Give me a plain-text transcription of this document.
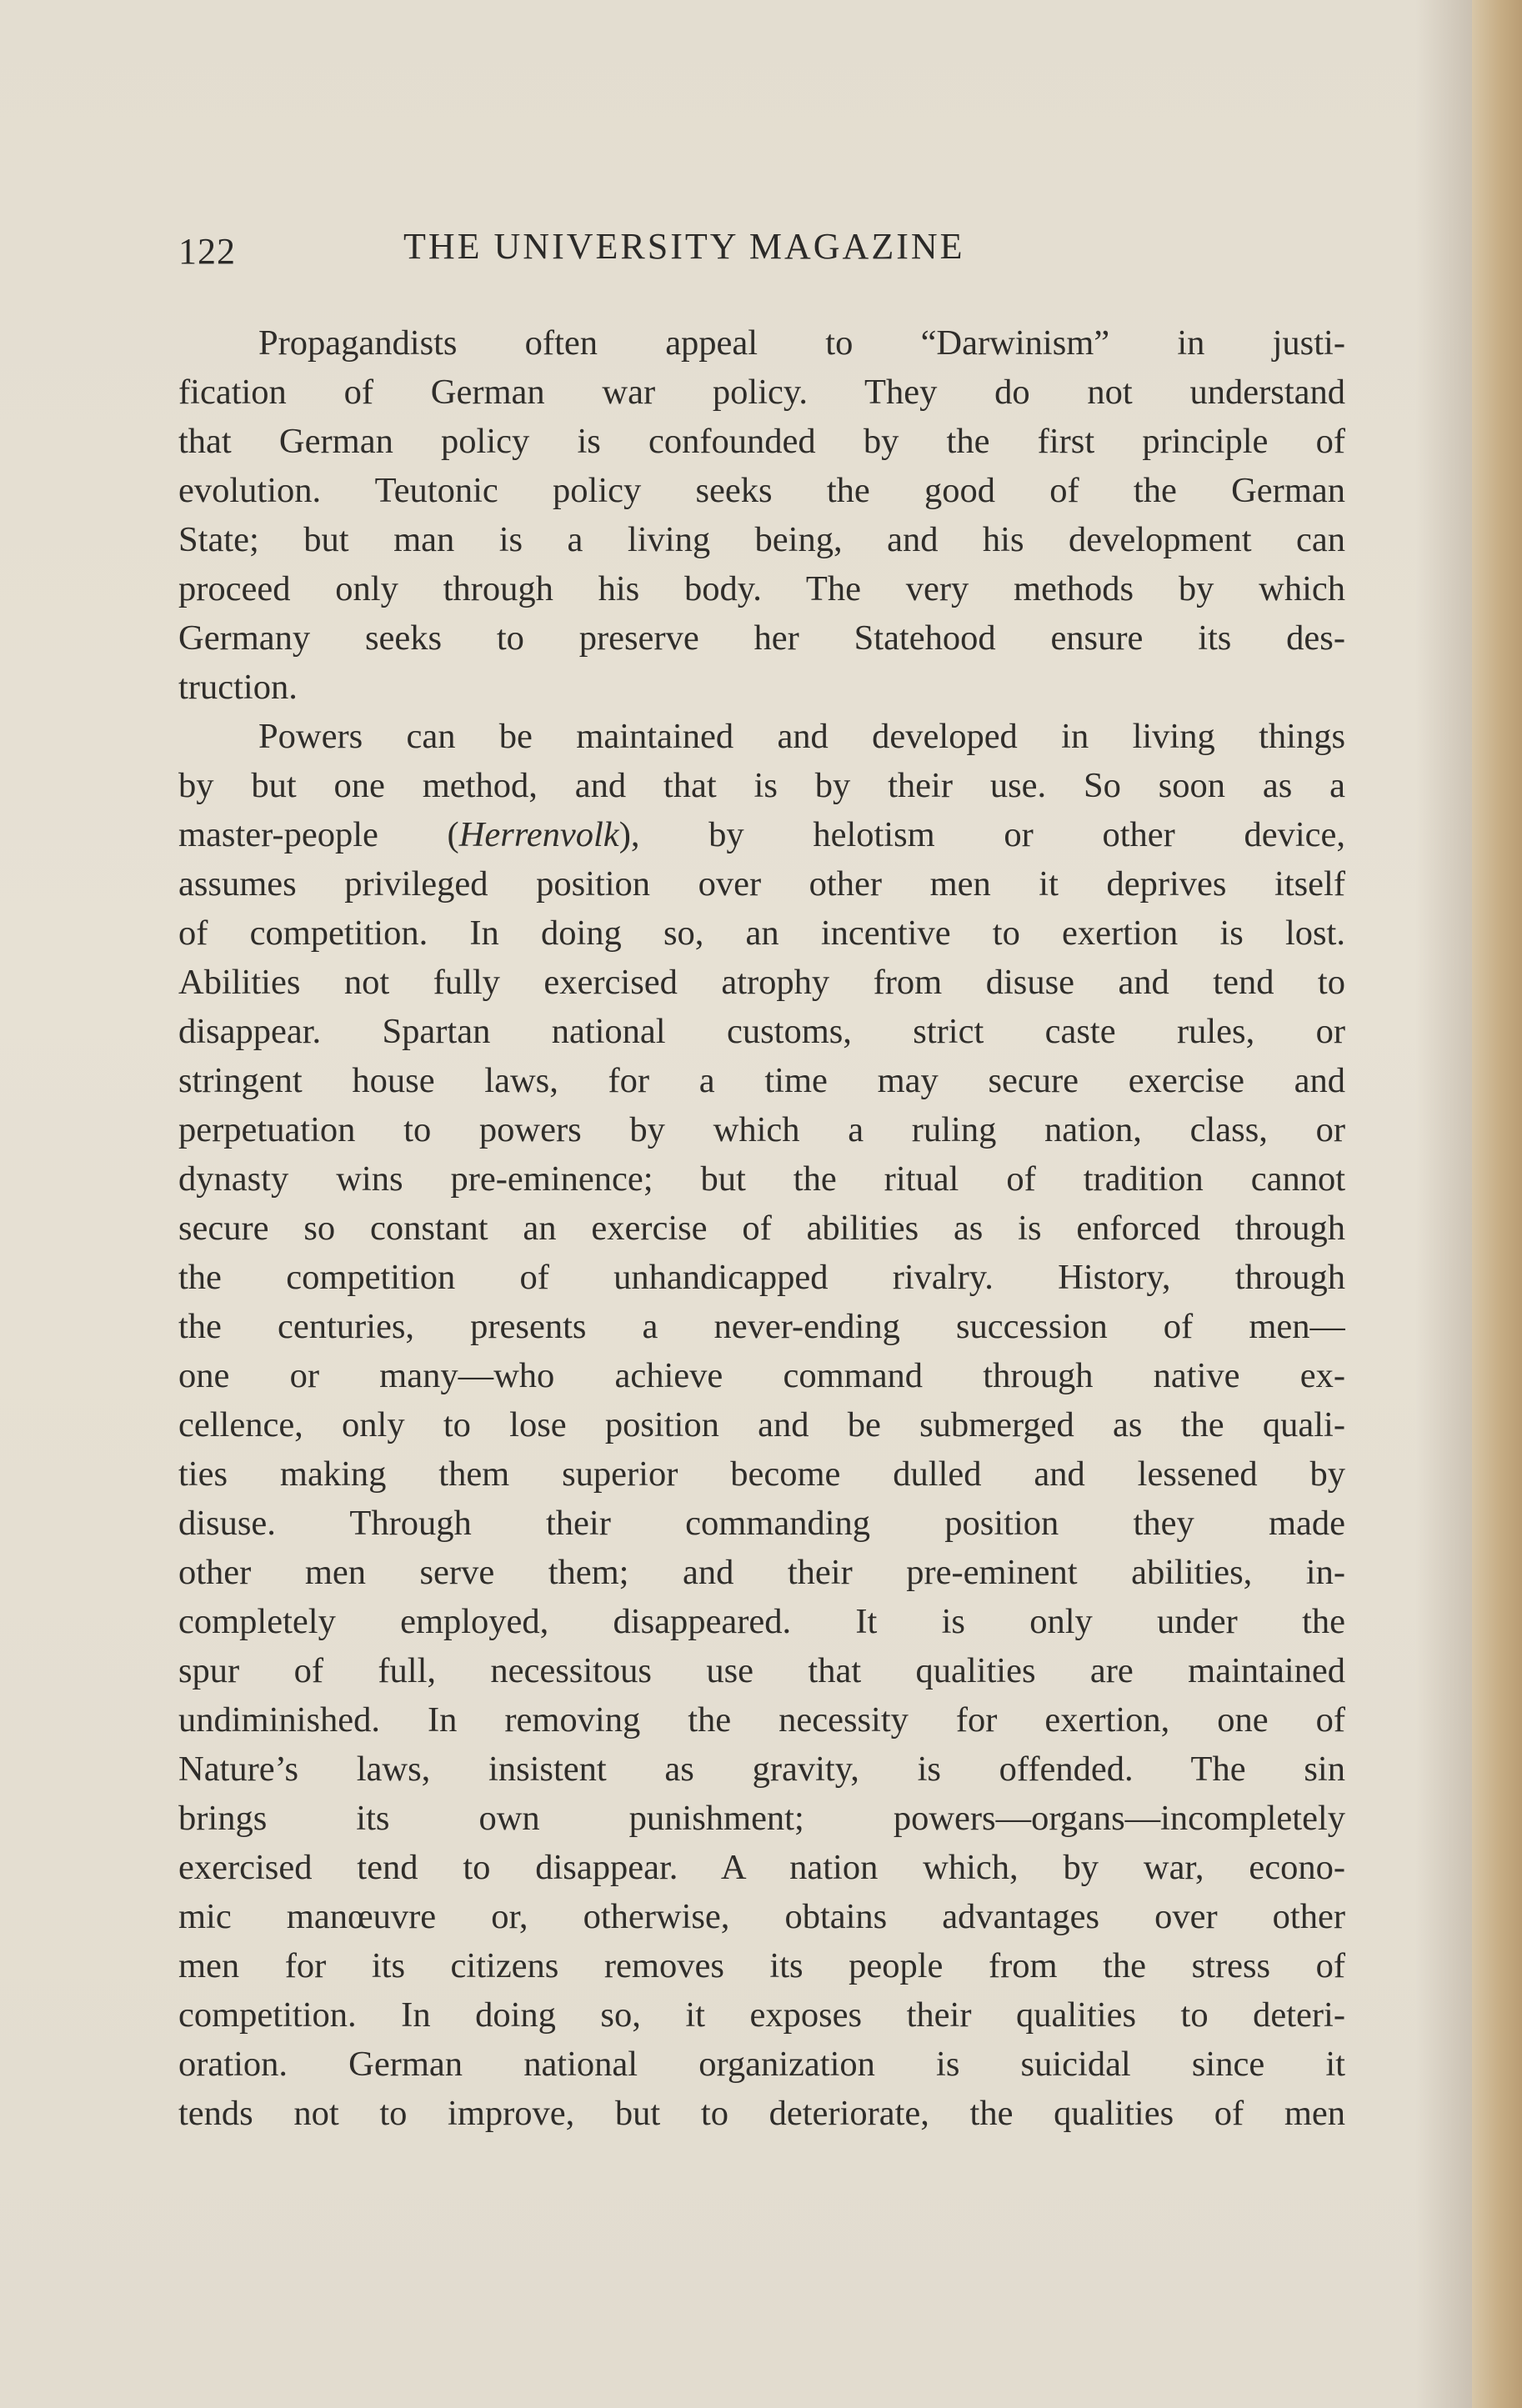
122	THE UNIVERSITY MAGAZINE
Propagandists often appeal to “Darwinism” in justi-
fication of German war policy. They do not understand
that German policy is confounded by the first principle of
evolution. Teutonic policy seeks the good of the German
State; but man is a living being, and his development can
proceed only through his body. The very methods by which
Germany seeks to preserve her Statehood ensure its des-
truction.
Powers can be maintained and developed in living things
by but one method, and that is by their use. So soon as a
master-people (Herrenvolk), by helotism or other device,
assumes privileged position over other men it deprives itself
of competition. In doing so, an incentive to exertion is lost.
Abilities not fully exercised atrophy from disuse and tend to
disappear. Spartan national customs, strict caste rules, or
stringent house laws, for a time may secure exercise and
perpetuation to powers by which a ruling nation, class, or
dynasty wins pre-eminence; but the ritual of tradition cannot
secure so constant an exercise of abilities as is enforced through
the competition of unhandicapped rivalry. History, through
the centuries, presents a never-ending succession of men—
one or many—who achieve command through native ex-
cellence, only to lose position and be submerged as the quali-
ties making them superior become dulled and lessened by
disuse. Through their commanding position they made
other men serve them; and their pre-eminent abilities, in-
completely employed, disappeared. It is only under the
spur of full, necessitous use that qualities are maintained
undiminished. In removing the necessity for exertion, one of
Nature’s laws, insistent as gravity, is offended. The sin
brings its own punishment; powers—organs—incompletely
exercised tend to disappear. A nation which, by war, econo-
mic manœuvre or, otherwise, obtains advantages over other
men for its citizens removes its people from the stress of
competition. In doing so, it exposes their qualities to deteri-
oration. German national organization is suicidal since it
tends not to improve, but to deteriorate, the qualities of men
